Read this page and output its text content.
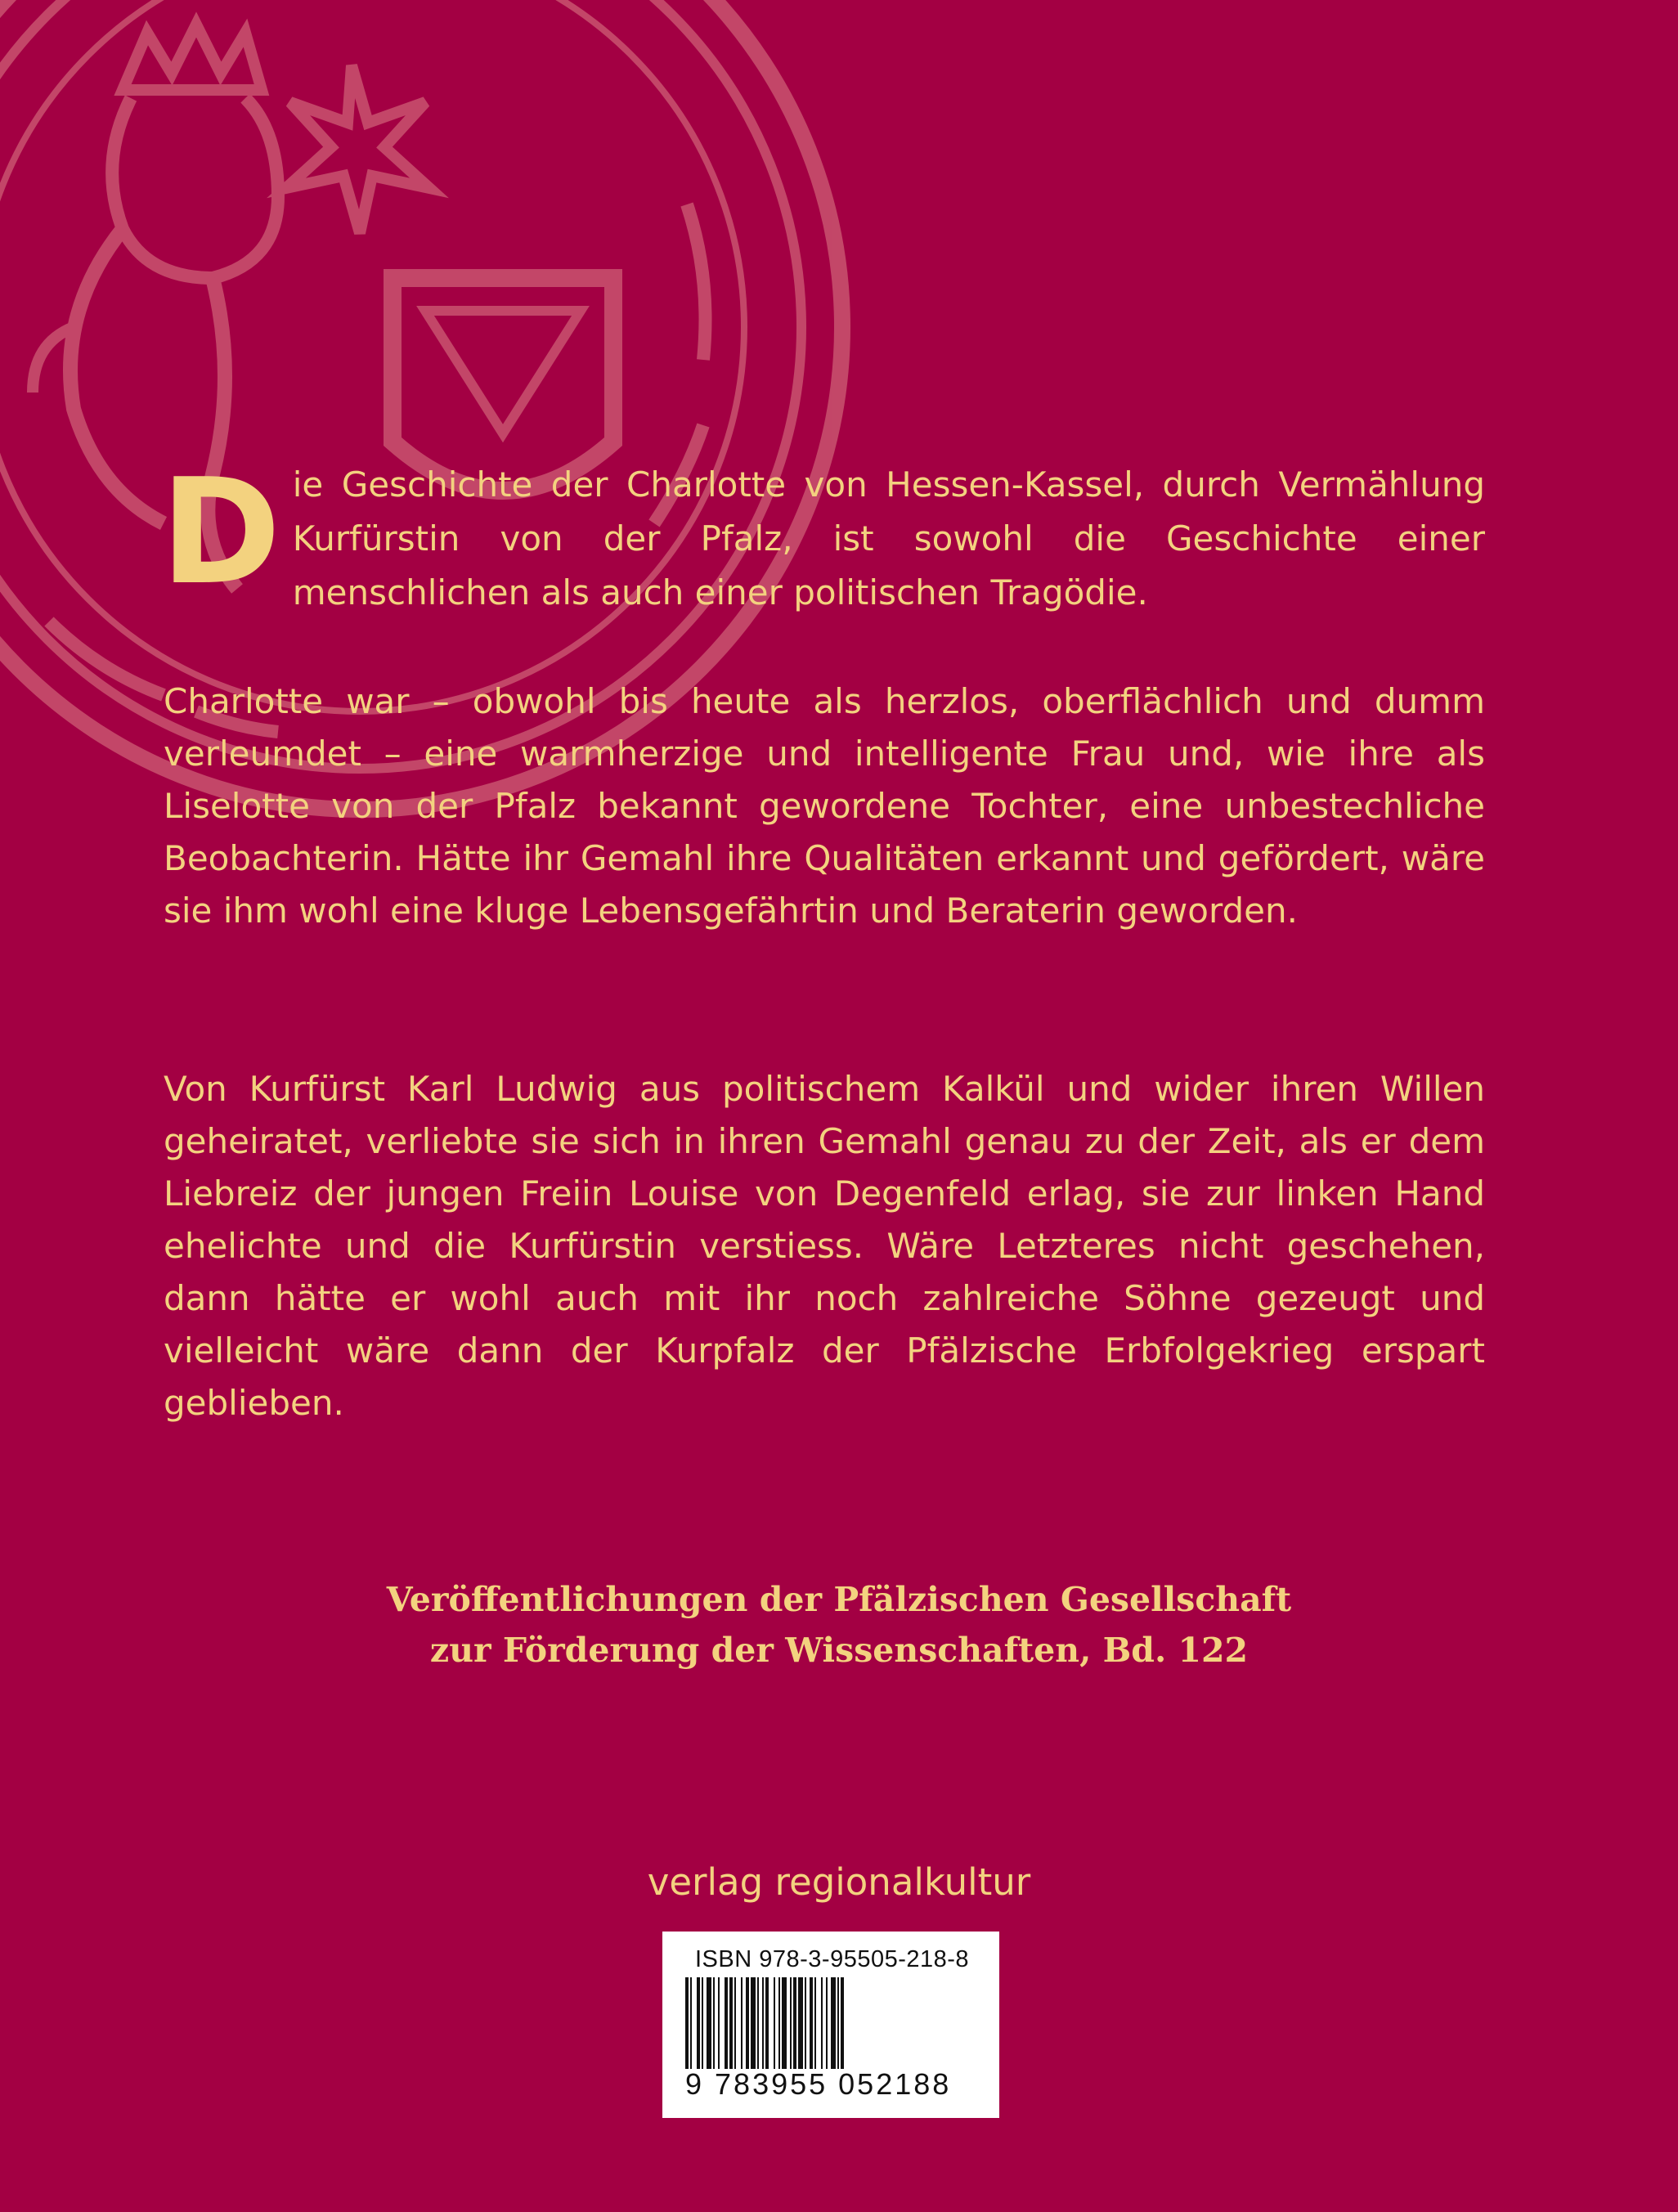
Die Geschichte der Charlotte von Hessen-Kassel, durch Vermählung Kurfürstin von der Pfalz, ist sowohl die Geschichte einer menschlichen als auch einer politischen Tragödie.

Charlotte war – obwohl bis heute als herzlos, oberflächlich und dumm verleumdet – eine warmherzige und intelligente Frau und, wie ihre als Liselotte von der Pfalz bekannt gewordene Tochter, eine unbestechliche Beobachterin. Hätte ihr Gemahl ihre Qualitäten erkannt und gefördert, wäre sie ihm wohl eine kluge Lebensgefährtin und Beraterin geworden.

Von Kurfürst Karl Ludwig aus politischem Kalkül und wider ihren Willen geheiratet, verliebte sie sich in ihren Gemahl genau zu der Zeit, als er dem Liebreiz der jungen Freiin Louise von Degenfeld erlag, sie zur linken Hand ehelichte und die Kurfürstin verstiess. Wäre Letzteres nicht geschehen, dann hätte er wohl auch mit ihr noch zahlreiche Söhne gezeugt und vielleicht wäre dann der Kurpfalz der Pfälzische Erbfolgekrieg erspart geblieben.

Veröffentlichungen der Pfälzischen Gesellschaft
zur Förderung der Wissenschaften, Bd. 122
verlag regionalkultur
ISBN 978-3-95505-218-8
9 783955 052188
